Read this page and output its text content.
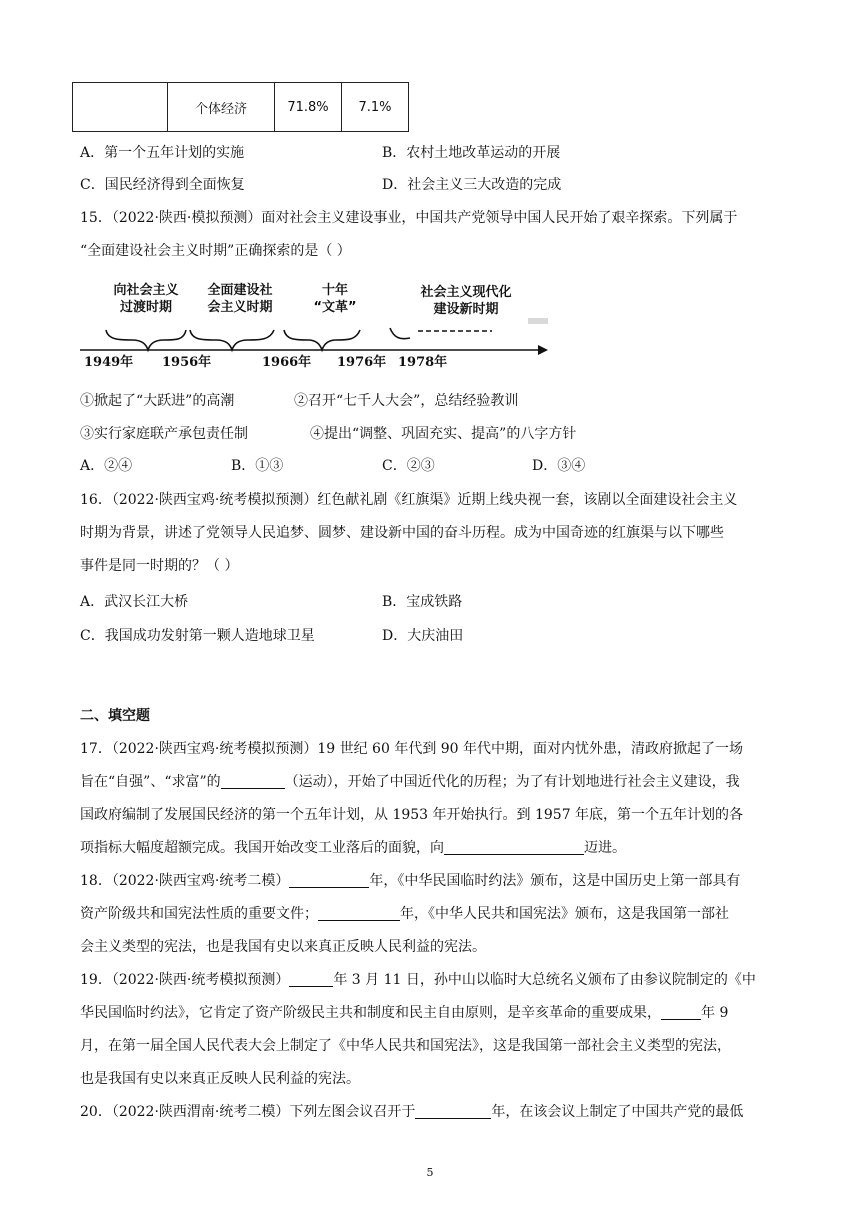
	个体经济	71.8%	7.1%
A．第一个五年计划的实施	B．农村土地改革运动的开展
C．国民经济得到全面恢复	D．社会主义三大改造的完成
15．（2022·陕西·模拟预测）面对社会主义建设事业，中国共产党领导中国人民开始了艰辛探索。下列属于
“全面建设社会主义时期”正确探索的是（ ）
向社会主义
过渡时期
全面建设社
会主义时期
十年
“文革”
社会主义现代化
建设新时期
1949年 1956年	1966年 1976年 1978年
①掀起了“大跃进”的高潮	②召开“七千人大会”，总结经验教训
③实行家庭联产承包责任制	④提出“调整、巩固充实、提高”的八字方针
A．②④	B．①③	C．②③	D．③④
16．（2022·陕西宝鸡·统考模拟预测）红色献礼剧《红旗渠》近期上线央视一套，该剧以全面建设社会主义
时期为背景，讲述了党领导人民追梦、圆梦、建设新中国的奋斗历程。成为中国奇迹的红旗渠与以下哪些
事件是同一时期的？（ ）
A．武汉长江大桥	B．宝成铁路
C．我国成功发射第一颗人造地球卫星	D．大庆油田
二、填空题
17．（2022·陕西宝鸡·统考模拟预测）19 世纪 60 年代到 90 年代中期，面对内忧外患，清政府掀起了一场
旨在“自强”、“求富”的	（运动），开始了中国近代化的历程；为了有计划地进行社会主义建设，我
国政府编制了发展国民经济的第一个五年计划，从 1953 年开始执行。到 1957 年底，第一个五年计划的各
项指标大幅度超额完成。我国开始改变工业落后的面貌，向	迈进。
18．（2022·陕西宝鸡·统考二模）	年，《中华民国临时约法》颁布，这是中国历史上第一部具有
资产阶级共和国宪法性质的重要文件；	年，《中华人民共和国宪法》颁布，这是我国第一部社
会主义类型的宪法，也是我国有史以来真正反映人民利益的宪法。
19．（2022·陕西·统考模拟预测）	年 3 月 11 日，孙中山以临时大总统名义颁布了由参议院制定的《中
华民国临时约法》，它肯定了资产阶级民主共和制度和民主自由原则，是辛亥革命的重要成果，	年 9
月，在第一届全国人民代表大会上制定了《中华人民共和国宪法》，这是我国第一部社会主义类型的宪法，
也是我国有史以来真正反映人民利益的宪法。
20．（2022·陕西渭南·统考二模）下列左图会议召开于	年，在该会议上制定了中国共产党的最低
5
